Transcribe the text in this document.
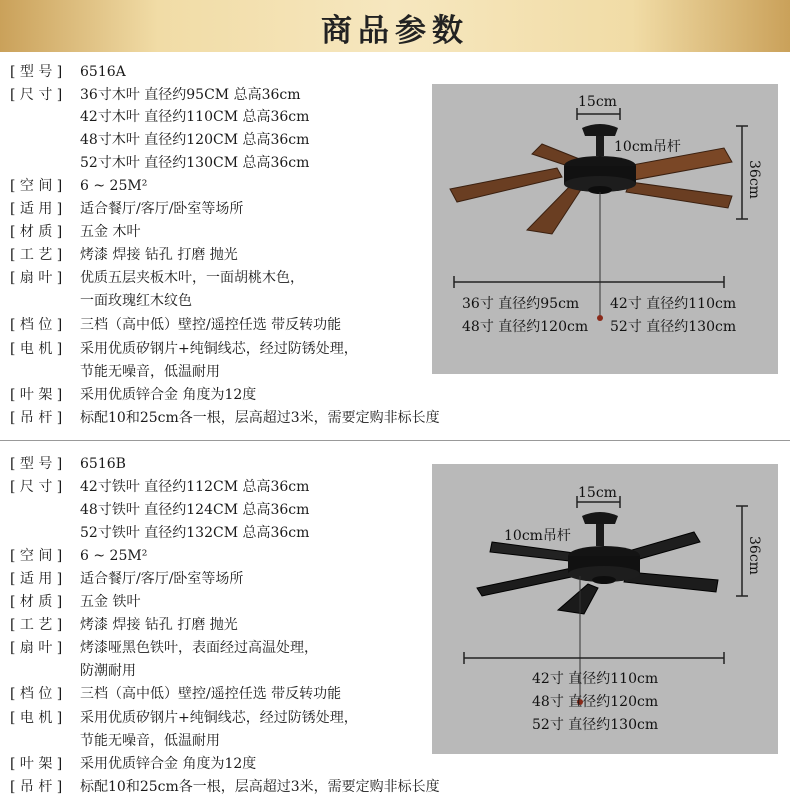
商品参数
[ 型 号 ] 6516A
[ 尺 寸 ] 36寸木叶 直径约95CM 总高36cm
42寸木叶 直径约110CM 总高36cm
48寸木叶 直径约120CM 总高36cm
52寸木叶 直径约130CM 总高36cm
[ 空 间 ] 6 ~ 25M²
[ 适 用 ] 适合餐厅/客厅/卧室等场所
[ 材 质 ] 五金 木叶
[ 工 艺 ] 烤漆 焊接 钻孔 打磨 抛光
[ 扇 叶 ] 优质五层夹板木叶，一面胡桃木色，
一面玫瑰红木纹色
[ 档 位 ] 三档（高中低）壁控/遥控任选 带反转功能
[ 电 机 ] 采用优质矽钢片+纯铜线芯，经过防锈处理，
节能无噪音，低温耐用
[ 叶 架 ] 采用优质锌合金 角度为12度
[ 吊 杆 ] 标配10和25cm各一根，层高超过3米，需要定购非标长度
15cm
10cm吊杆
36cm
36寸 直径约95cm 42寸 直径约110cm
48寸 直径约120cm 52寸 直径约130cm
[ 型 号 ] 6516B
[ 尺 寸 ] 42寸铁叶 直径约112CM 总高36cm
48寸铁叶 直径约124CM 总高36cm
52寸铁叶 直径约132CM 总高36cm
[ 空 间 ] 6 ~ 25M²
[ 适 用 ] 适合餐厅/客厅/卧室等场所
[ 材 质 ] 五金 铁叶
[ 工 艺 ] 烤漆 焊接 钻孔 打磨 抛光
[ 扇 叶 ] 烤漆哑黑色铁叶，表面经过高温处理，
防潮耐用
[ 档 位 ] 三档（高中低）壁控/遥控任选 带反转功能
[ 电 机 ] 采用优质矽钢片+纯铜线芯，经过防锈处理，
节能无噪音，低温耐用
[ 叶 架 ] 采用优质锌合金 角度为12度
[ 吊 杆 ] 标配10和25cm各一根，层高超过3米，需要定购非标长度
15cm
10cm吊杆	36cm
42寸 直径约110cm
48寸 直径约120cm
52寸 直径约130cm
